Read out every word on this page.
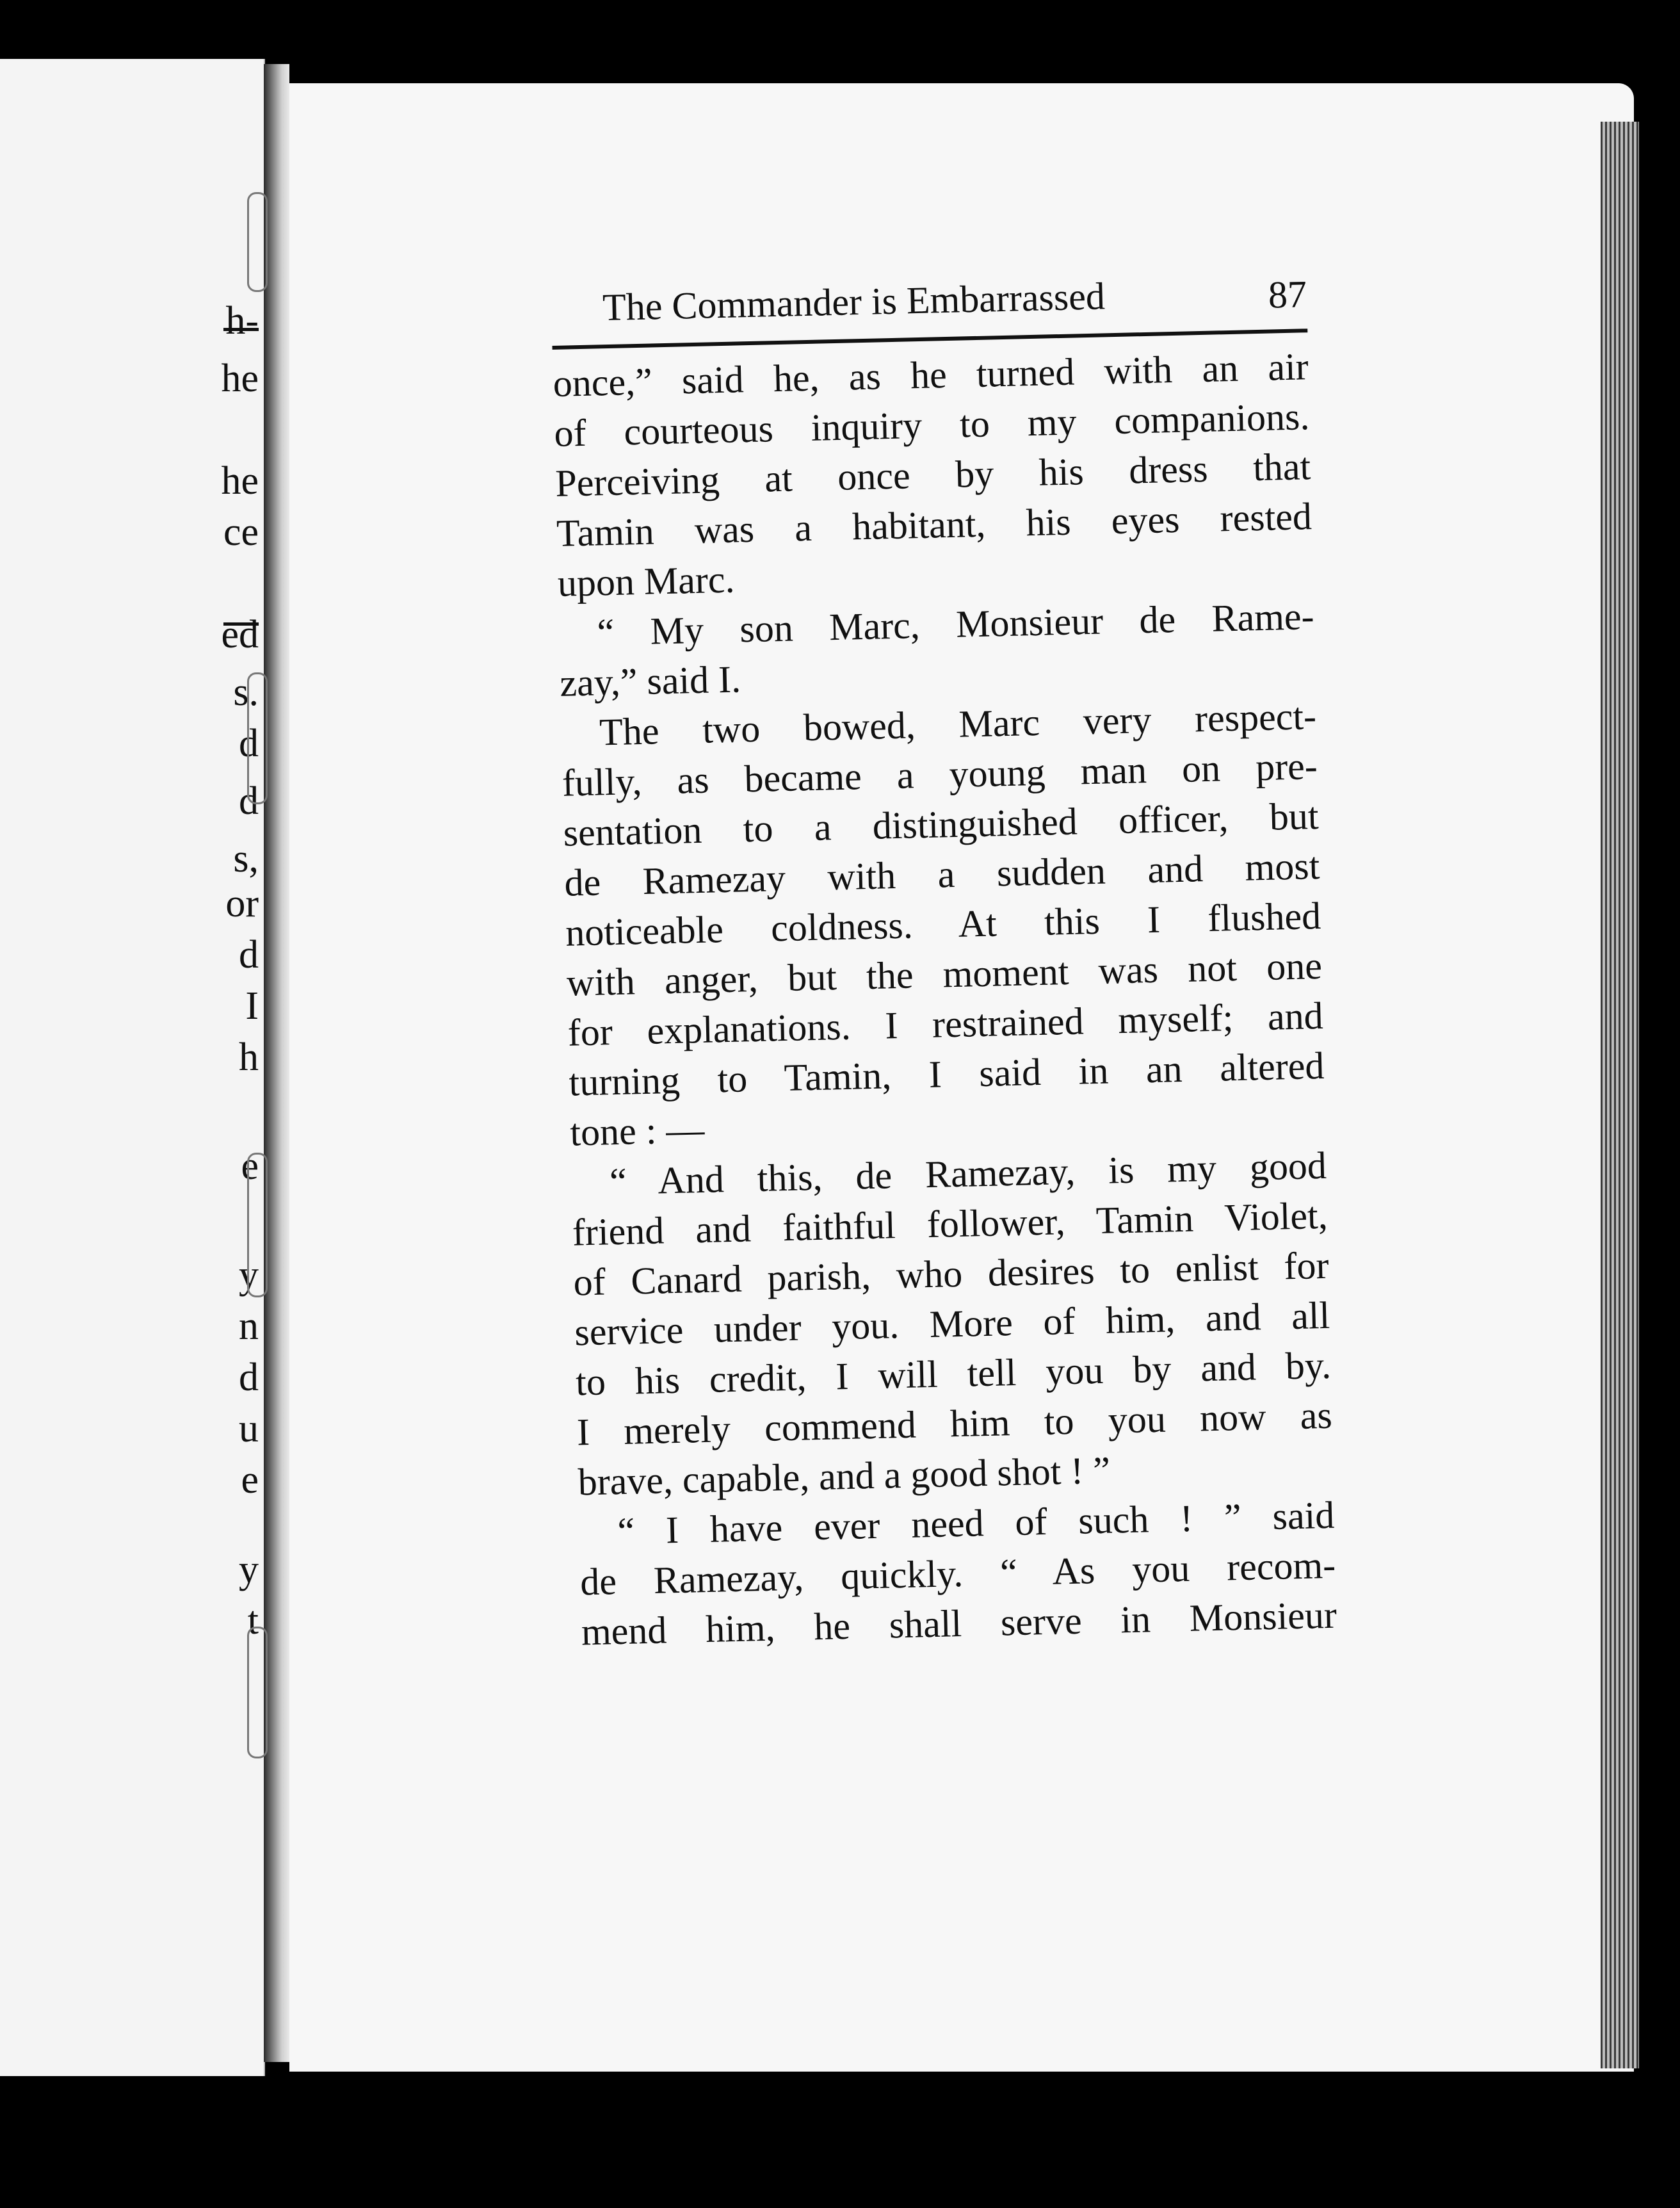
h-
he
he
ce
ed
s.
d
d
s,
or
d
I
h
e
y
n
d
u
e
y
t
The Commander is Embarrassed	87
once,” said he, as he turned with an air
of courteous inquiry to my companions.
Perceiving at once by his dress that
Tamin was a habitant, his eyes rested
upon Marc.
“ My son Marc, Monsieur de Rame-
zay,” said I.
The two bowed, Marc very respect-
fully, as became a young man on pre-
sentation to a distinguished officer, but
de Ramezay with a sudden and most
noticeable coldness. At this I flushed
with anger, but the moment was not one
for explanations. I restrained myself; and
turning to Tamin, I said in an altered
tone : —
“ And this, de Ramezay, is my good
friend and faithful follower, Tamin Violet,
of Canard parish, who desires to enlist for
service under you. More of him, and all
to his credit, I will tell you by and by.
I merely commend him to you now as
brave, capable, and a good shot ! ”
“ I have ever need of such ! ” said
de Ramezay, quickly. “ As you recom-
mend him, he shall serve in Monsieur
